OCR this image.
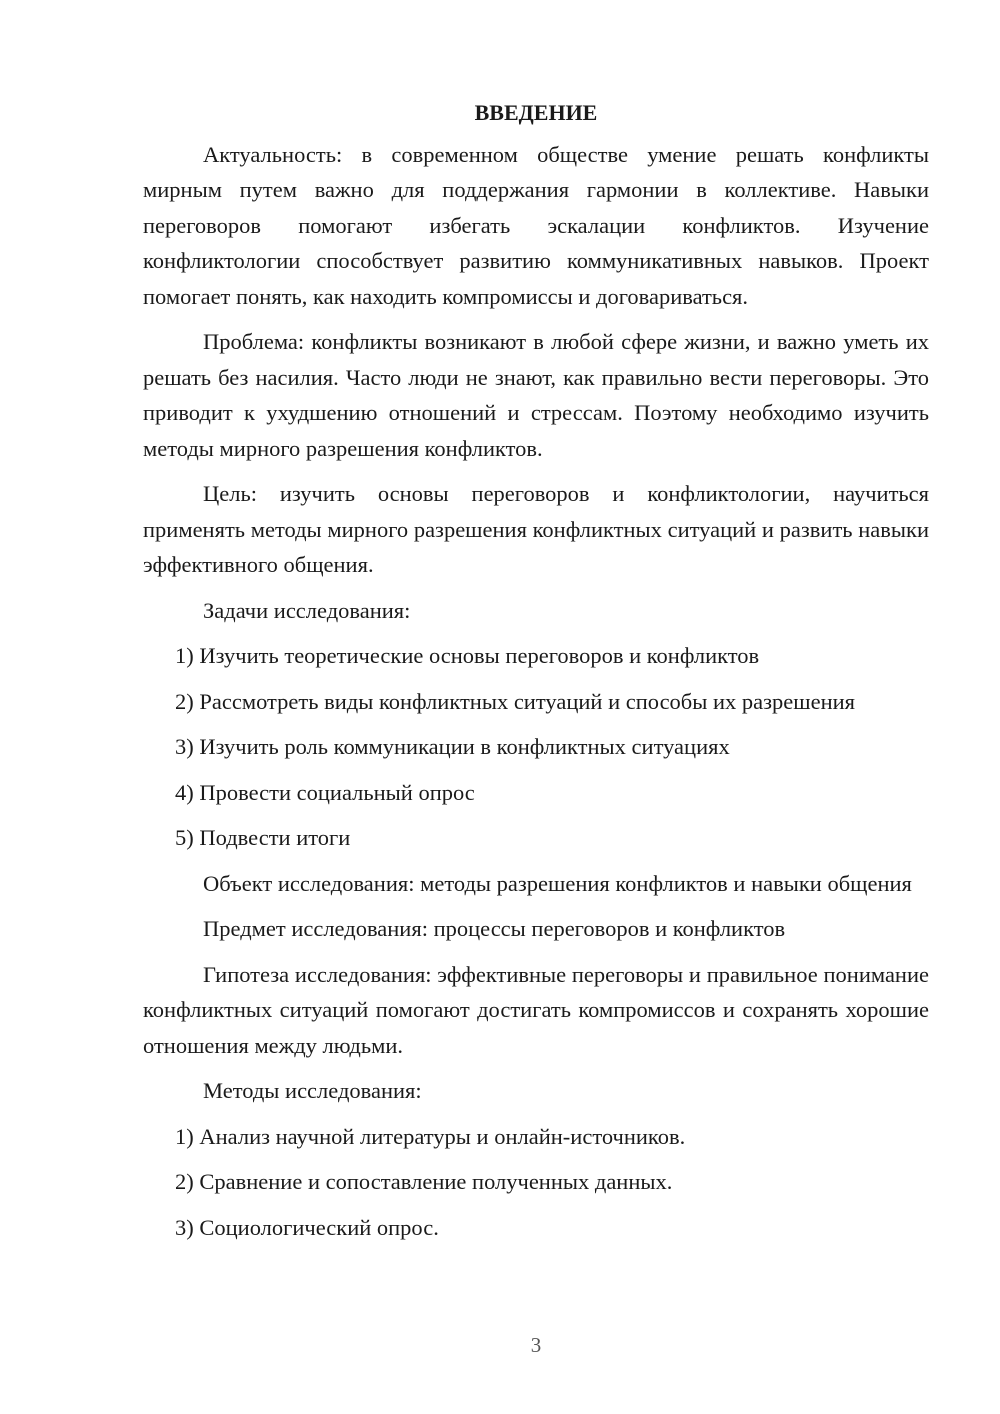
ВВЕДЕНИЕ

Актуальность: в современном обществе умение решать конфликты мирным путем важно для поддержания гармонии в коллективе. Навыки переговоров помогают избегать эскалации конфликтов. Изучение конфликтологии способствует развитию коммуникативных навыков. Проект помогает понять, как находить компромиссы и договариваться.

Проблема: конфликты возникают в любой сфере жизни, и важно уметь их решать без насилия. Часто люди не знают, как правильно вести переговоры. Это приводит к ухудшению отношений и стрессам. Поэтому необходимо изучить методы мирного разрешения конфликтов.

Цель: изучить основы переговоров и конфликтологии, научиться применять методы мирного разрешения конфликтных ситуаций и развить навыки эффективного общения.

Задачи исследования:

1) Изучить теоретические основы переговоров и конфликтов

2) Рассмотреть виды конфликтных ситуаций и способы их разрешения

3) Изучить роль коммуникации в конфликтных ситуациях

4) Провести социальный опрос

5) Подвести итоги

Объект исследования: методы разрешения конфликтов и навыки общения

Предмет исследования: процессы переговоров и конфликтов

Гипотеза исследования: эффективные переговоры и правильное понимание конфликтных ситуаций помогают достигать компромиссов и сохранять хорошие отношения между людьми.

Методы исследования:

1) Анализ научной литературы и онлайн-источников.

2) Сравнение и сопоставление полученных данных.

3) Социологический опрос.

3
